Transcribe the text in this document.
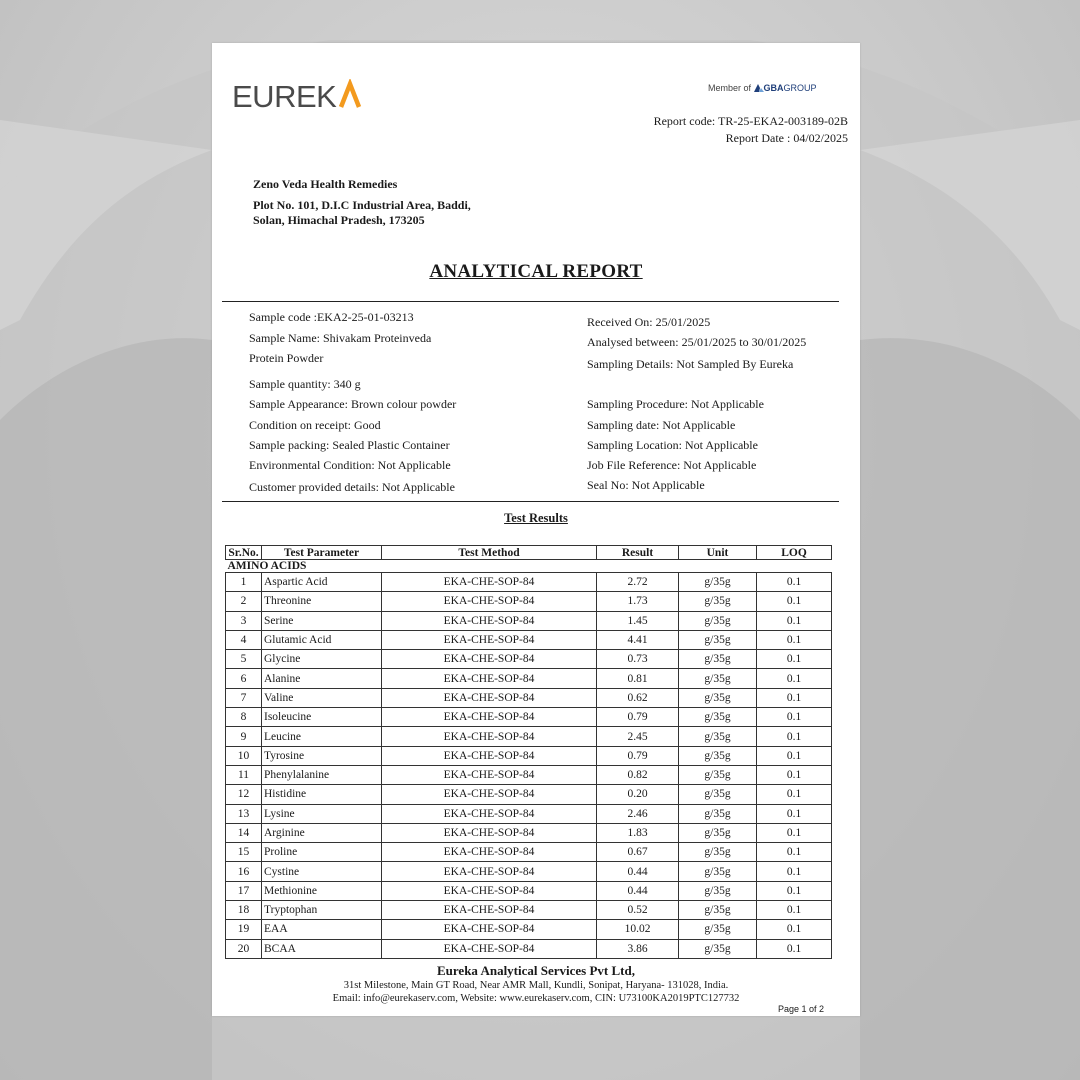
EUREK	Member of GBAGROUP
Report code: TR-25-EKA2-003189-02B
Report Date : 04/02/2025
Zeno Veda Health Remedies
Plot No. 101, D.I.C Industrial Area, Baddi,
Solan, Himachal Pradesh, 173205
ANALYTICAL REPORT
Sample code :EKA2-25-01-03213
Sample Name: Shivakam Proteinveda
Protein Powder
Sample quantity: 340 g
Sample Appearance: Brown colour powder
Condition on receipt: Good
Sample packing: Sealed Plastic Container
Environmental Condition: Not Applicable
Customer provided details: Not Applicable
Received On: 25/01/2025
Analysed between: 25/01/2025 to 30/01/2025
Sampling Details: Not Sampled By Eureka
Sampling Procedure: Not Applicable
Sampling date: Not Applicable
Sampling Location: Not Applicable
Job File Reference: Not Applicable
Seal No: Not Applicable
Test Results
Sr.No.	Test Parameter	Test Method	Result	Unit	LOQ
AMINO ACIDS					
1	Aspartic Acid	EKA-CHE-SOP-84	2.72	g/35g	0.1
2	Threonine	EKA-CHE-SOP-84	1.73	g/35g	0.1
3	Serine	EKA-CHE-SOP-84	1.45	g/35g	0.1
4	Glutamic Acid	EKA-CHE-SOP-84	4.41	g/35g	0.1
5	Glycine	EKA-CHE-SOP-84	0.73	g/35g	0.1
6	Alanine	EKA-CHE-SOP-84	0.81	g/35g	0.1
7	Valine	EKA-CHE-SOP-84	0.62	g/35g	0.1
8	Isoleucine	EKA-CHE-SOP-84	0.79	g/35g	0.1
9	Leucine	EKA-CHE-SOP-84	2.45	g/35g	0.1
10	Tyrosine	EKA-CHE-SOP-84	0.79	g/35g	0.1
11	Phenylalanine	EKA-CHE-SOP-84	0.82	g/35g	0.1
12	Histidine	EKA-CHE-SOP-84	0.20	g/35g	0.1
13	Lysine	EKA-CHE-SOP-84	2.46	g/35g	0.1
14	Arginine	EKA-CHE-SOP-84	1.83	g/35g	0.1
15	Proline	EKA-CHE-SOP-84	0.67	g/35g	0.1
16	Cystine	EKA-CHE-SOP-84	0.44	g/35g	0.1
17	Methionine	EKA-CHE-SOP-84	0.44	g/35g	0.1
18	Tryptophan	EKA-CHE-SOP-84	0.52	g/35g	0.1
19	EAA	EKA-CHE-SOP-84	10.02	g/35g	0.1
20	BCAA	EKA-CHE-SOP-84	3.86	g/35g	0.1
Eureka Analytical Services Pvt Ltd,
31st Milestone, Main GT Road, Near AMR Mall, Kundli, Sonipat, Haryana- 131028, India.
Email: info@eurekaserv.com, Website: www.eurekaserv.com, CIN: U73100KA2019PTC127732
Page 1 of 2
